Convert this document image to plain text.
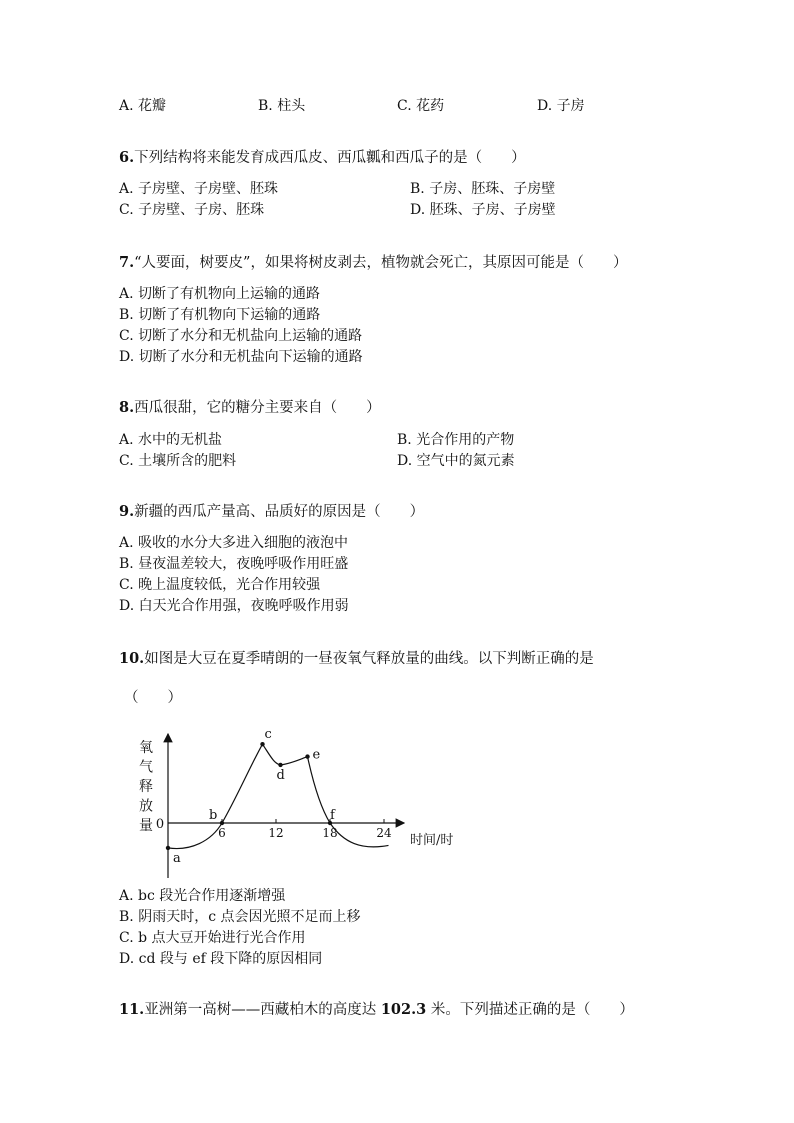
A. 花瓣	B. 柱头	C. 花药	D. 子房
6.下列结构将来能发育成西瓜皮、西瓜瓤和西瓜子的是（　　）
A. 子房壁、子房壁、胚珠	B. 子房、胚珠、子房壁
C. 子房壁、子房、胚珠	D. 胚珠、子房、子房壁
7.“人要面，树要皮”，如果将树皮剥去，植物就会死亡，其原因可能是（　　）
A. 切断了有机物向上运输的通路
B. 切断了有机物向下运输的通路
C. 切断了水分和无机盐向上运输的通路
D. 切断了水分和无机盐向下运输的通路
8.西瓜很甜，它的糖分主要来自（　　）
A. 水中的无机盐	B. 光合作用的产物
C. 土壤所含的肥料	D. 空气中的氮元素
9.新疆的西瓜产量高、品质好的原因是（　　）
A. 吸收的水分大多进入细胞的液泡中
B. 昼夜温差较大，夜晚呼吸作用旺盛
C. 晚上温度较低，光合作用较强
D. 白天光合作用强，夜晚呼吸作用弱
10.如图是大豆在夏季晴朗的一昼夜氧气释放量的曲线。以下判断正确的是
（　　）
氧
气
释
放
量 0
时间/时
6	12	18	24
a
b
c
d
e
f
A. bc 段光合作用逐渐增强
B. 阴雨天时，c 点会因光照不足而上移
C. b 点大豆开始进行光合作用
D. cd 段与 ef 段下降的原因相同
11.亚洲第一高树——西藏柏木的高度达 102.3 米。下列描述正确的是（　　）
